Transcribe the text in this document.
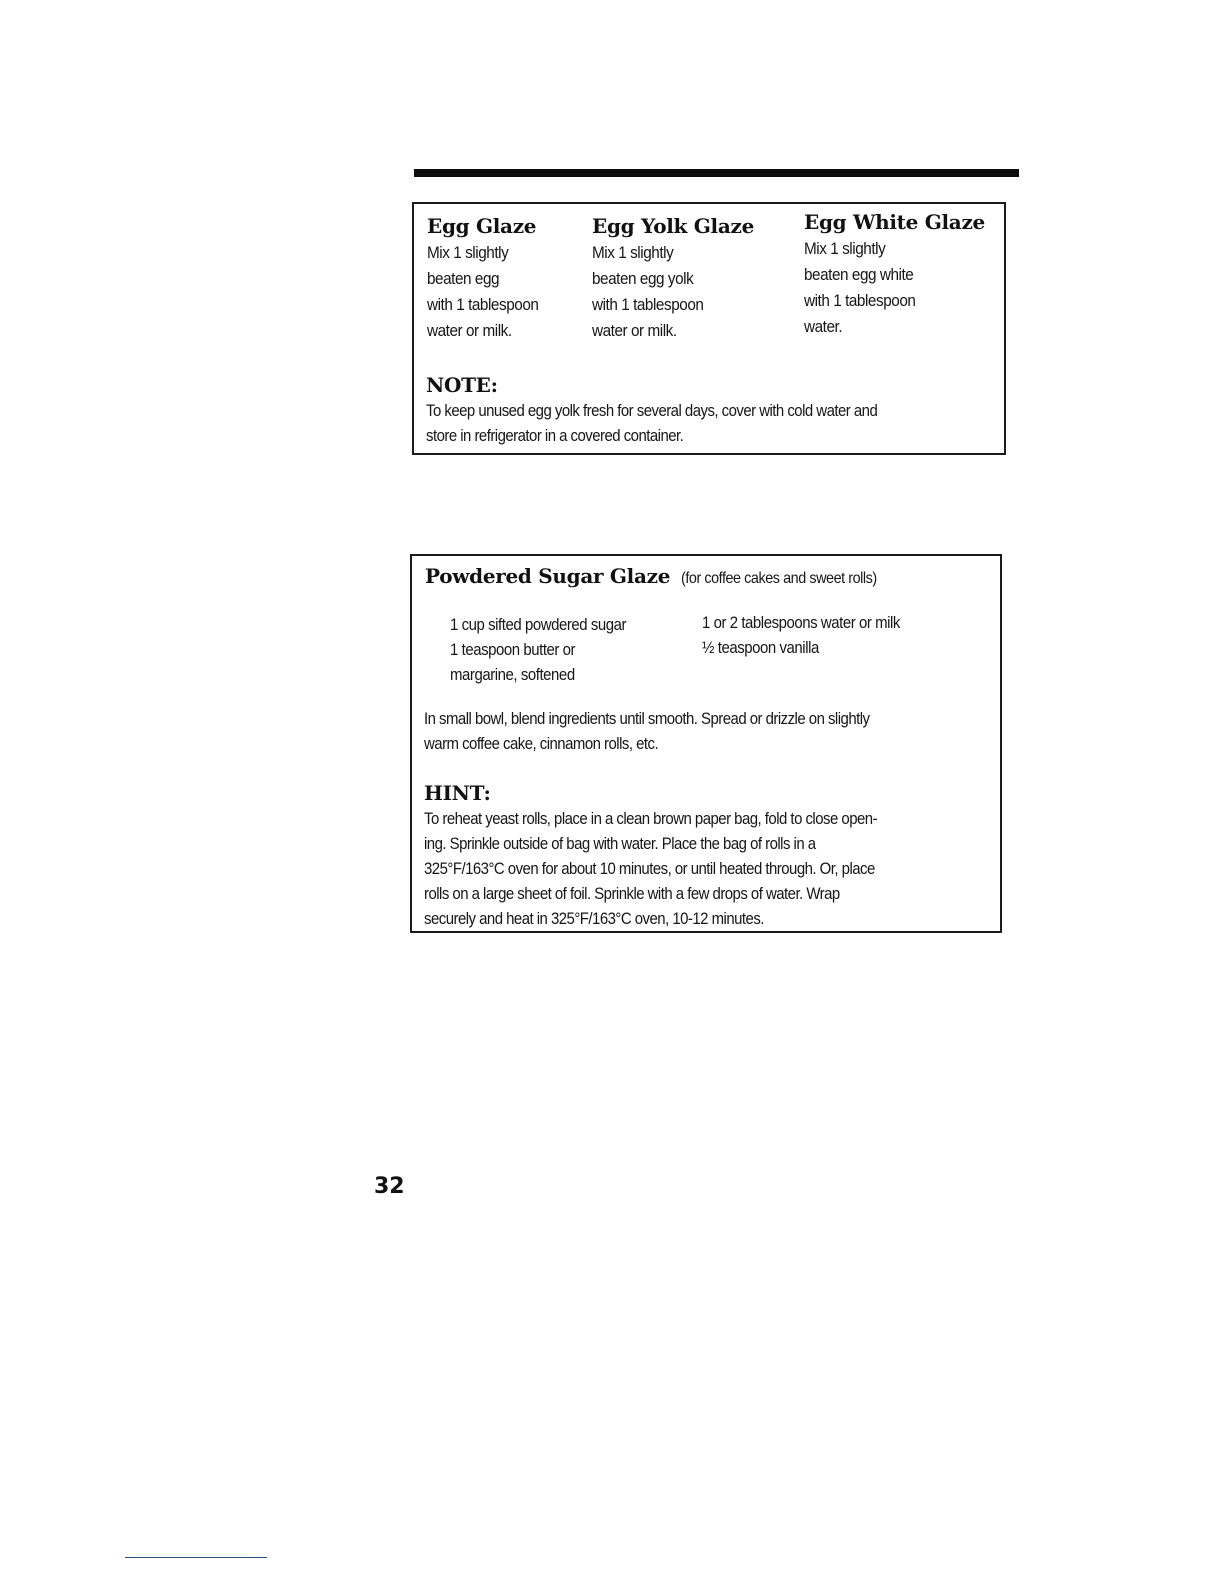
Egg Glaze
Mix 1 slightly
beaten egg
with 1 tablespoon
water or milk.
Egg Yolk Glaze
Mix 1 slightly
beaten egg yolk
with 1 tablespoon
water or milk.
Egg White Glaze
Mix 1 slightly
beaten egg white
with 1 tablespoon
water.
NOTE:
To keep unused egg yolk fresh for several days, cover with cold water and
store in refrigerator in a covered container.
Powdered Sugar Glaze (for coffee cakes and sweet rolls)
1 cup sifted powdered sugar
1 teaspoon butter or
margarine, softened
1 or 2 tablespoons water or milk
½ teaspoon vanilla
In small bowl, blend ingredients until smooth. Spread or drizzle on slightly
warm coffee cake, cinnamon rolls, etc.
HINT:
To reheat yeast rolls, place in a clean brown paper bag, fold to close open-
ing. Sprinkle outside of bag with water. Place the bag of rolls in a
325°F/163°C oven for about 10 minutes, or until heated through. Or, place
rolls on a large sheet of foil. Sprinkle with a few drops of water. Wrap
securely and heat in 325°F/163°C oven, 10-12 minutes.
32
